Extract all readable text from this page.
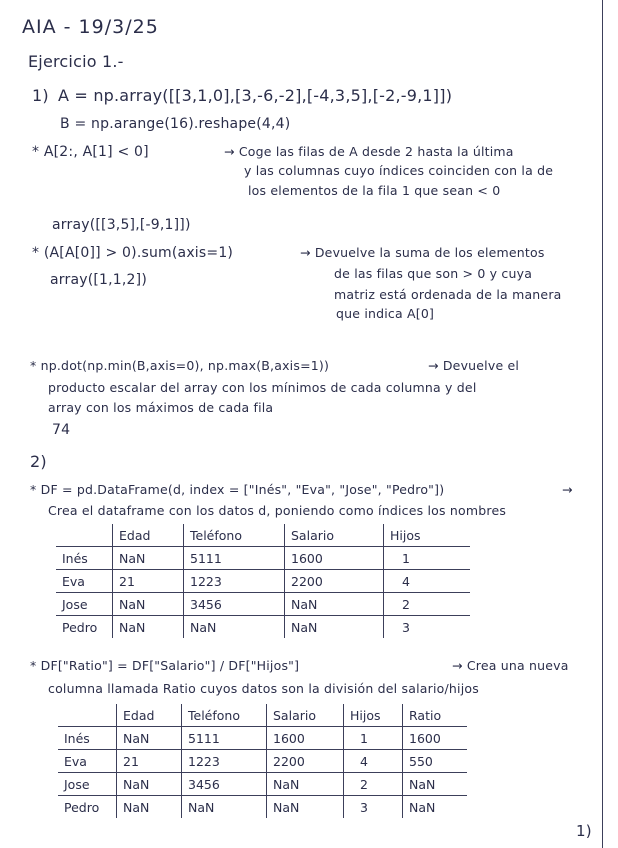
AIA - 19/3/25
Ejercicio 1.-
1) A = np.array([[3,1,0],[3,-6,-2],[-4,3,5],[-2,-9,1]])
B = np.arange(16).reshape(4,4)
* A[2:, A[1] < 0]	→ Coge las filas de A desde 2 hasta la última
y las columnas cuyo índices coinciden con la de
los elementos de la fila 1 que sean < 0
array([[3,5],[-9,1]])
* (A[A[0]] > 0).sum(axis=1)	→ Devuelve la suma de los elementos
de las filas que son > 0 y cuya
matriz está ordenada de la manera
que indica A[0]
array([1,1,2])
* np.dot(np.min(B,axis=0), np.max(B,axis=1))	→ Devuelve el
producto escalar del array con los mínimos de cada columna y del
array con los máximos de cada fila
74
2)
* DF = pd.DataFrame(d, index = ["Inés", "Eva", "Jose", "Pedro"])	→
Crea el dataframe con los datos d, poniendo como índices los nombres
	Edad	Teléfono	Salario	Hijos
Inés	NaN	5111	1600	1
Eva	21	1223	2200	4
Jose	NaN	3456	NaN	2
Pedro	NaN	NaN	NaN	3
* DF["Ratio"] = DF["Salario"] / DF["Hijos"]	→ Crea una nueva
columna llamada Ratio cuyos datos son la división del salario/hijos
	Edad	Teléfono	Salario	Hijos	Ratio
Inés	NaN	5111	1600	1	1600
Eva	21	1223	2200	4	550
Jose	NaN	3456	NaN	2	NaN
Pedro	NaN	NaN	NaN	3	NaN
1)
